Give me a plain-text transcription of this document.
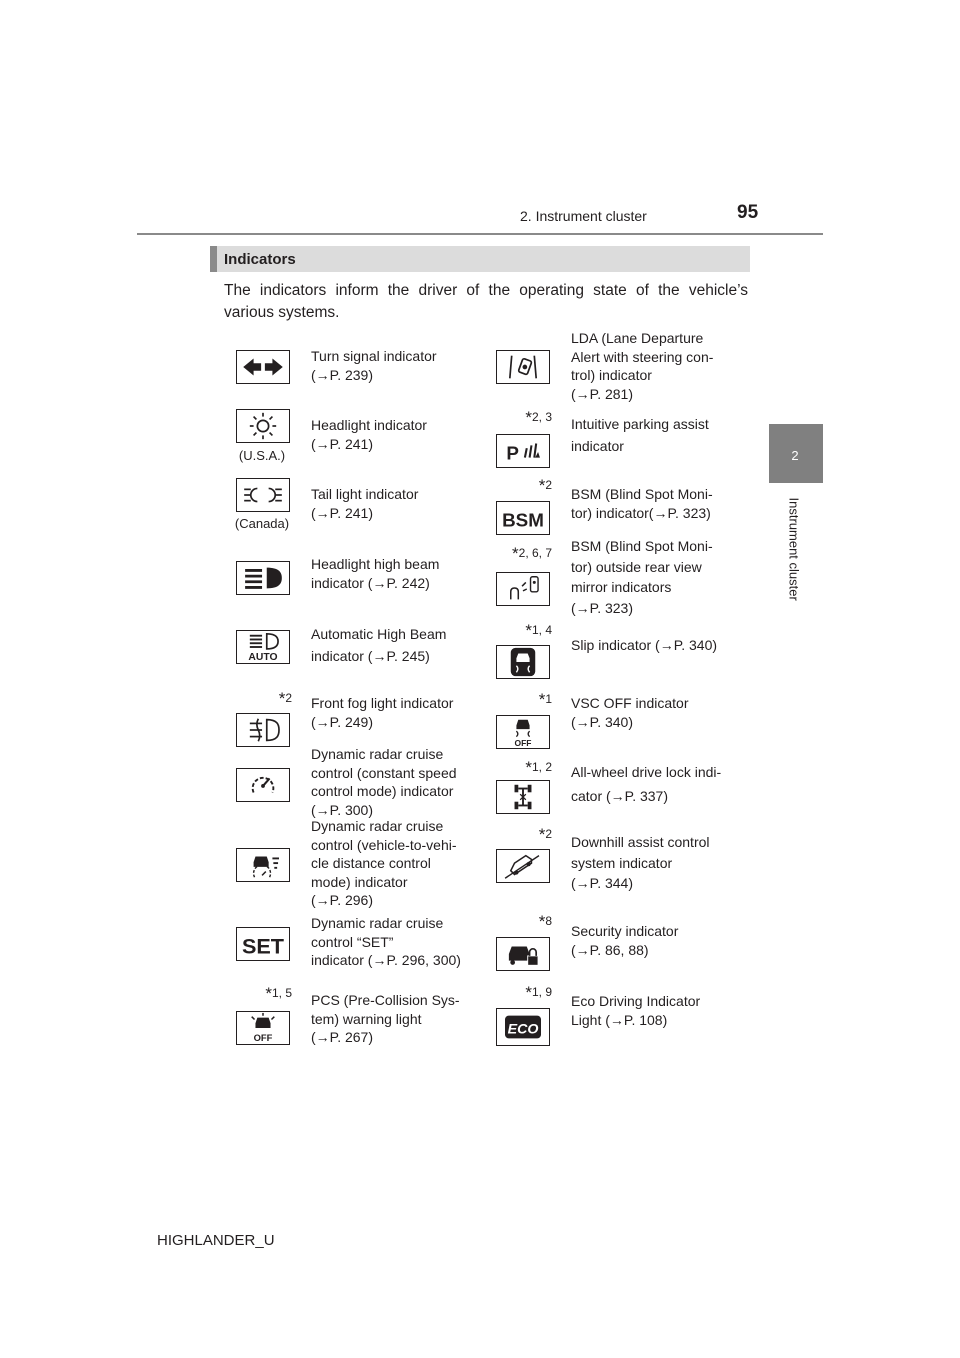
2. Instrument cluster	95
2
Instrument cluster
Indicators
The indicators inform the driver of the operating state of the vehicle’s various systems.
Turn signal indicator
(→P. 239)
(U.S.A.)
Headlight indicator
(→P. 241)
(Canada)
Tail light indicator
(→P. 241)
Headlight high beam
indicator (→P. 242)
AUTO
Automatic High Beam
indicator (→P. 245)
*2 Front fog light indicator
(→P. 249)
Dynamic radar cruise
control (constant speed
control mode) indicator
(→P. 300)
Dynamic radar cruise
control (vehicle-to-vehi-
cle distance control
mode) indicator
(→P. 296)
SET
Dynamic radar cruise
control “SET”
indicator (→P. 296, 300)
*1, 5
OFF
PCS (Pre-Collision Sys-
tem) warning light
(→P. 267)
LDA (Lane Departure
Alert with steering con-
trol) indicator
(→P. 281)
*2, 3
P
Intuitive parking assist
indicator
*2
BSM
BSM (Blind Spot Moni-
tor) indicator(→P. 323)
*2, 6, 7 BSM (Blind Spot Moni-
tor) outside rear view
mirror indicators
(→P. 323)
*1, 4
Slip indicator (→P. 340)
*1
OFF
VSC OFF indicator
(→P. 340)
*1, 2 All-wheel drive lock indi-
cator (→P. 337)
*2 Downhill assist control
system indicator
(→P. 344)
*8
Security indicator
(→P. 86, 88)
*1, 9
ECO
Eco Driving Indicator
Light (→P. 108)
HIGHLANDER_U
